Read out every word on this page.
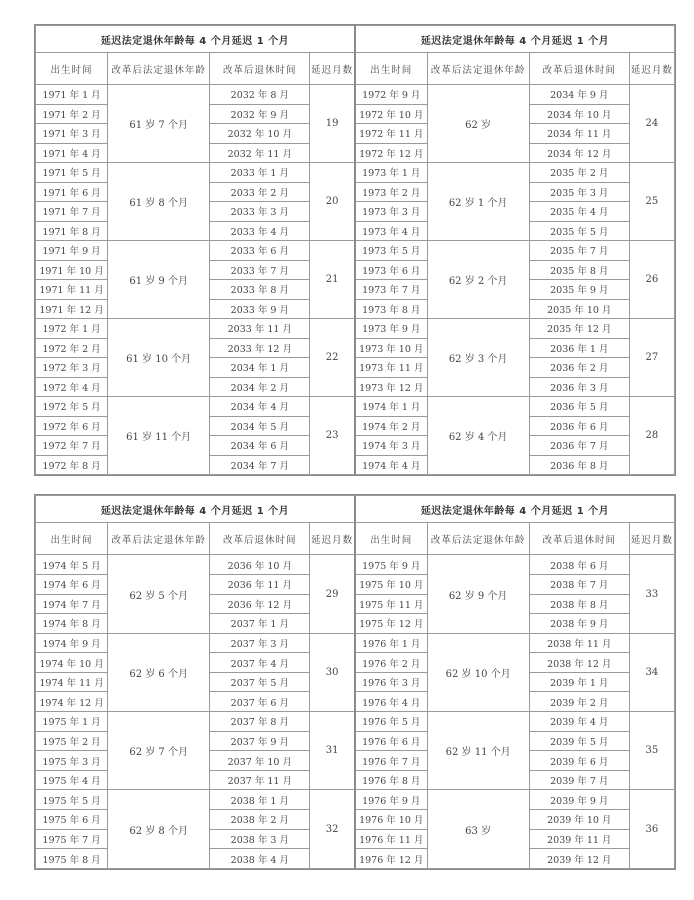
延迟法定退休年龄每 4 个月延迟 1 个月				延迟法定退休年龄每 4 个月延迟 1 个月			
出生时间	改革后法定退休年龄	改革后退休时间	延迟月数	出生时间	改革后法定退休年龄	改革后退休时间	延迟月数
1971 年 1 月	61 岁 7 个月	2032 年 8 月	19	1972 年 9 月	62 岁	2034 年 9 月	24
1971 年 2 月		2032 年 9 月		1972 年 10 月		2034 年 10 月	
1971 年 3 月		2032 年 10 月		1972 年 11 月		2034 年 11 月	
1971 年 4 月		2032 年 11 月		1972 年 12 月		2034 年 12 月	
1971 年 5 月	61 岁 8 个月	2033 年 1 月	20	1973 年 1 月	62 岁 1 个月	2035 年 2 月	25
1971 年 6 月		2033 年 2 月		1973 年 2 月		2035 年 3 月	
1971 年 7 月		2033 年 3 月		1973 年 3 月		2035 年 4 月	
1971 年 8 月		2033 年 4 月		1973 年 4 月		2035 年 5 月	
1971 年 9 月	61 岁 9 个月	2033 年 6 月	21	1973 年 5 月	62 岁 2 个月	2035 年 7 月	26
1971 年 10 月		2033 年 7 月		1973 年 6 月		2035 年 8 月	
1971 年 11 月		2033 年 8 月		1973 年 7 月		2035 年 9 月	
1971 年 12 月		2033 年 9 月		1973 年 8 月		2035 年 10 月	
1972 年 1 月	61 岁 10 个月	2033 年 11 月	22	1973 年 9 月	62 岁 3 个月	2035 年 12 月	27
1972 年 2 月		2033 年 12 月		1973 年 10 月		2036 年 1 月	
1972 年 3 月		2034 年 1 月		1973 年 11 月		2036 年 2 月	
1972 年 4 月		2034 年 2 月		1973 年 12 月		2036 年 3 月	
1972 年 5 月	61 岁 11 个月	2034 年 4 月	23	1974 年 1 月	62 岁 4 个月	2036 年 5 月	28
1972 年 6 月		2034 年 5 月		1974 年 2 月		2036 年 6 月	
1972 年 7 月		2034 年 6 月		1974 年 3 月		2036 年 7 月	
1972 年 8 月		2034 年 7 月		1974 年 4 月		2036 年 8 月	
延迟法定退休年龄每 4 个月延迟 1 个月				延迟法定退休年龄每 4 个月延迟 1 个月			
出生时间	改革后法定退休年龄	改革后退休时间	延迟月数	出生时间	改革后法定退休年龄	改革后退休时间	延迟月数
1974 年 5 月	62 岁 5 个月	2036 年 10 月	29	1975 年 9 月	62 岁 9 个月	2038 年 6 月	33
1974 年 6 月		2036 年 11 月		1975 年 10 月		2038 年 7 月	
1974 年 7 月		2036 年 12 月		1975 年 11 月		2038 年 8 月	
1974 年 8 月		2037 年 1 月		1975 年 12 月		2038 年 9 月	
1974 年 9 月	62 岁 6 个月	2037 年 3 月	30	1976 年 1 月	62 岁 10 个月	2038 年 11 月	34
1974 年 10 月		2037 年 4 月		1976 年 2 月		2038 年 12 月	
1974 年 11 月		2037 年 5 月		1976 年 3 月		2039 年 1 月	
1974 年 12 月		2037 年 6 月		1976 年 4 月		2039 年 2 月	
1975 年 1 月	62 岁 7 个月	2037 年 8 月	31	1976 年 5 月	62 岁 11 个月	2039 年 4 月	35
1975 年 2 月		2037 年 9 月		1976 年 6 月		2039 年 5 月	
1975 年 3 月		2037 年 10 月		1976 年 7 月		2039 年 6 月	
1975 年 4 月		2037 年 11 月		1976 年 8 月		2039 年 7 月	
1975 年 5 月	62 岁 8 个月	2038 年 1 月	32	1976 年 9 月	63 岁	2039 年 9 月	36
1975 年 6 月		2038 年 2 月		1976 年 10 月		2039 年 10 月	
1975 年 7 月		2038 年 3 月		1976 年 11 月		2039 年 11 月	
1975 年 8 月		2038 年 4 月		1976 年 12 月		2039 年 12 月	
